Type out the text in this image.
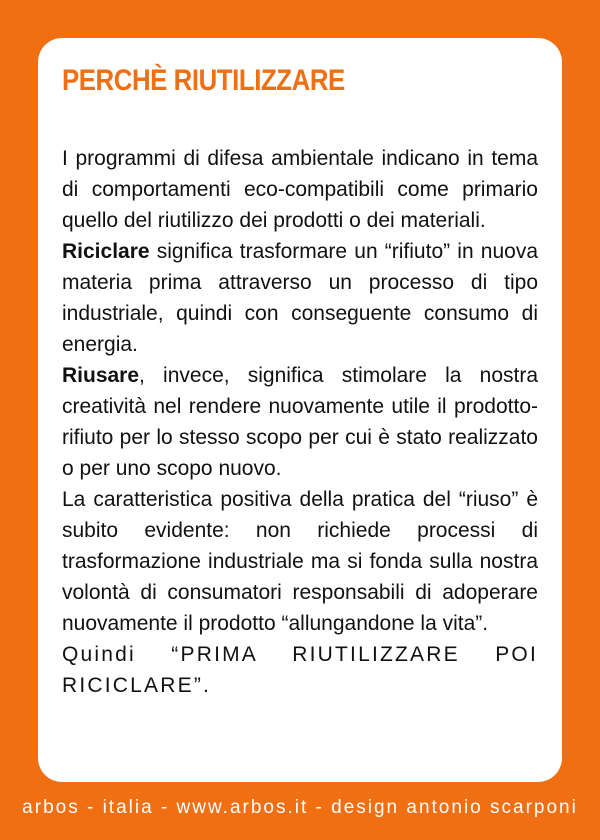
PERCHÈ RIUTILIZZARE

I programmi di difesa ambientale indicano in tema di comportamenti eco-compatibili come primario quello del riutilizzo dei prodotti o dei materiali.

Riciclare significa trasformare un “rifiuto” in nuova materia prima attraverso un processo di tipo industriale, quindi con conseguente consumo di energia.

Riusare, invece, significa stimolare la nostra creatività nel rendere nuovamente utile il prodotto-rifiuto per lo stesso scopo per cui è stato realizzato o per uno scopo nuovo.

La caratteristica positiva della pratica del “riuso” è subito evidente: non richiede processi di trasformazione industriale ma si fonda sulla nostra volontà di consumatori responsabili di adoperare nuovamente il prodotto “allungandone la vita”.

Quindi “PRIMA RIUTILIZZARE POI RICICLARE”.

arbos - italia - www.arbos.it - design antonio scarponi
